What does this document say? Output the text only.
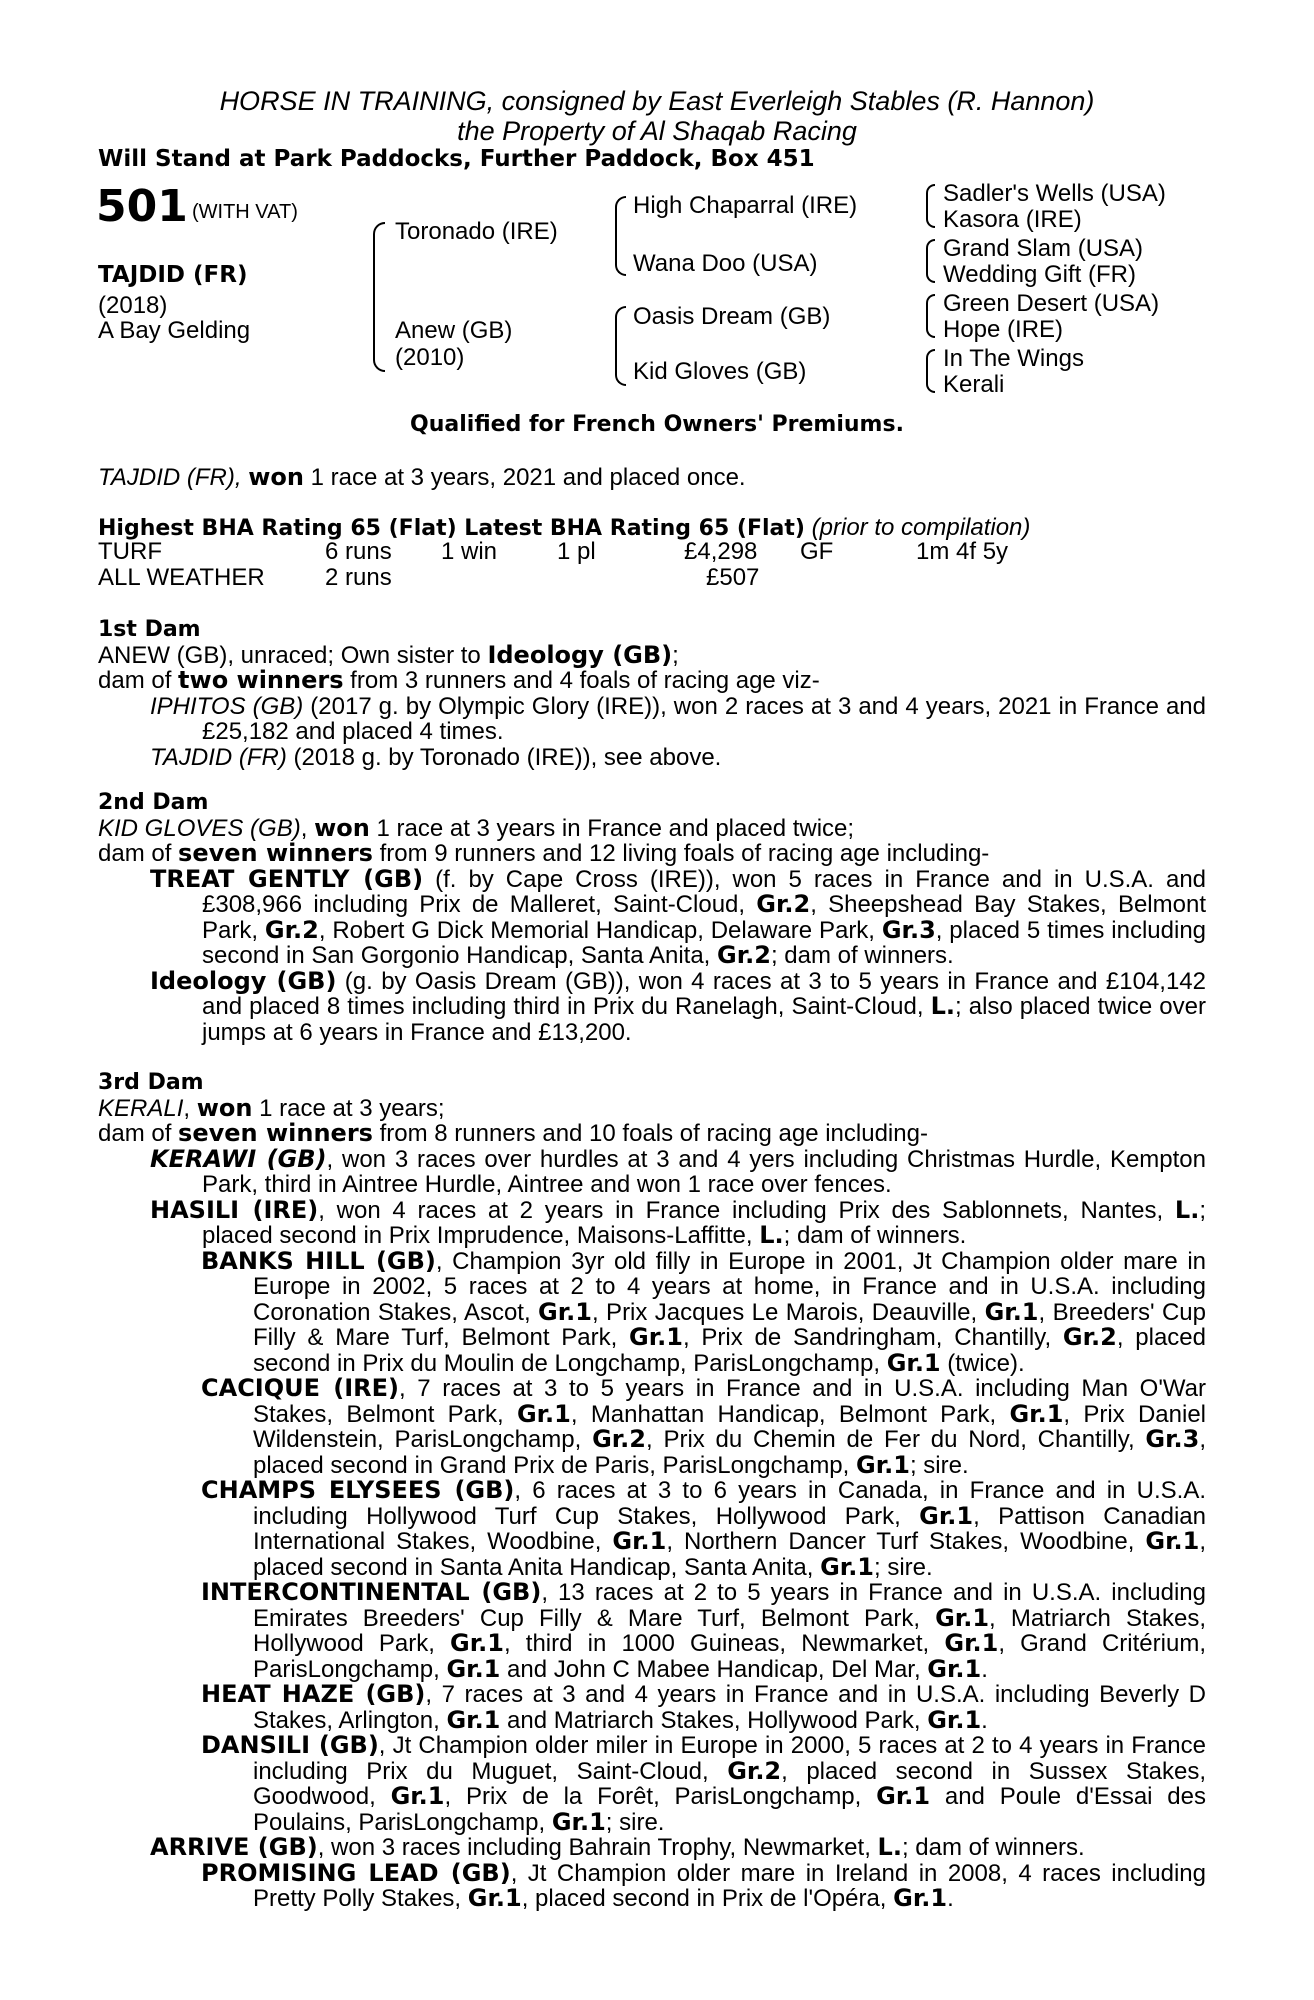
HORSE IN TRAINING, consigned by East Everleigh Stables (R. Hannon)
the Property of Al Shaqab Racing
Will Stand at Park Paddocks, Further Paddock, Box 451
501 (WITH VAT)
TAJDID (FR)
(2018)
A Bay Gelding
Toronado (IRE)
Anew (GB)
(2010)
High Chaparral (IRE)
Wana Doo (USA)
Oasis Dream (GB)
Kid Gloves (GB)
Sadler's Wells (USA)
Kasora (IRE)
Grand Slam (USA)
Wedding Gift (FR)
Green Desert (USA)
Hope (IRE)
In The Wings
Kerali
Qualified for French Owners' Premiums.
TAJDID (FR), won 1 race at 3 years, 2021 and placed once.
Highest BHA Rating 65 (Flat) Latest BHA Rating 65 (Flat) (prior to compilation)
TURF	6 runs 1 win 1 pl	£4,298 GF	1m 4f 5y
ALL WEATHER	2 runs	£507

1st Dam

ANEW (GB), unraced; Own sister to Ideology (GB);

dam of two winners from 3 runners and 4 foals of racing age viz-

IPHITOS (GB) (2017 g. by Olympic Glory (IRE)), won 2 races at 3 and 4 years, 2021 in France and £25,182 and placed 4 times.

TAJDID (FR) (2018 g. by Toronado (IRE)), see above.

2nd Dam

KID GLOVES (GB), won 1 race at 3 years in France and placed twice;

dam of seven winners from 9 runners and 12 living foals of racing age including-

TREAT GENTLY (GB) (f. by Cape Cross (IRE)), won 5 races in France and in U.S.A. and £308,966 including Prix de Malleret, Saint-Cloud, Gr.2, Sheepshead Bay Stakes, Belmont Park, Gr.2, Robert G Dick Memorial Handicap, Delaware Park, Gr.3, placed 5 times including second in San Gorgonio Handicap, Santa Anita, Gr.2; dam of winners.

Ideology (GB) (g. by Oasis Dream (GB)), won 4 races at 3 to 5 years in France and £104,142 and placed 8 times including third in Prix du Ranelagh, Saint-Cloud, L.; also placed twice over jumps at 6 years in France and £13,200.

3rd Dam

KERALI, won 1 race at 3 years;

dam of seven winners from 8 runners and 10 foals of racing age including-

KERAWI (GB), won 3 races over hurdles at 3 and 4 yers including Christmas Hurdle, Kempton Park, third in Aintree Hurdle, Aintree and won 1 race over fences.

HASILI (IRE), won 4 races at 2 years in France including Prix des Sablonnets, Nantes, L.; placed second in Prix Imprudence, Maisons-Laffitte, L.; dam of winners.

BANKS HILL (GB), Champion 3yr old filly in Europe in 2001, Jt Champion older mare in Europe in 2002, 5 races at 2 to 4 years at home, in France and in U.S.A. including Coronation Stakes, Ascot, Gr.1, Prix Jacques Le Marois, Deauville, Gr.1, Breeders' Cup Filly & Mare Turf, Belmont Park, Gr.1, Prix de Sandringham, Chantilly, Gr.2, placed second in Prix du Moulin de Longchamp, ParisLongchamp, Gr.1 (twice).

CACIQUE (IRE), 7 races at 3 to 5 years in France and in U.S.A. including Man O'War Stakes, Belmont Park, Gr.1, Manhattan Handicap, Belmont Park, Gr.1, Prix Daniel Wildenstein, ParisLongchamp, Gr.2, Prix du Chemin de Fer du Nord, Chantilly, Gr.3, placed second in Grand Prix de Paris, ParisLongchamp, Gr.1; sire.

CHAMPS ELYSEES (GB), 6 races at 3 to 6 years in Canada, in France and in U.S.A. including Hollywood Turf Cup Stakes, Hollywood Park, Gr.1, Pattison Canadian International Stakes, Woodbine, Gr.1, Northern Dancer Turf Stakes, Woodbine, Gr.1, placed second in Santa Anita Handicap, Santa Anita, Gr.1; sire.

INTERCONTINENTAL (GB), 13 races at 2 to 5 years in France and in U.S.A. including Emirates Breeders' Cup Filly & Mare Turf, Belmont Park, Gr.1, Matriarch Stakes, Hollywood Park, Gr.1, third in 1000 Guineas, Newmarket, Gr.1, Grand Critérium, ParisLongchamp, Gr.1 and John C Mabee Handicap, Del Mar, Gr.1.

HEAT HAZE (GB), 7 races at 3 and 4 years in France and in U.S.A. including Beverly D Stakes, Arlington, Gr.1 and Matriarch Stakes, Hollywood Park, Gr.1.

DANSILI (GB), Jt Champion older miler in Europe in 2000, 5 races at 2 to 4 years in France including Prix du Muguet, Saint-Cloud, Gr.2, placed second in Sussex Stakes, Goodwood, Gr.1, Prix de la Forêt, ParisLongchamp, Gr.1 and Poule d'Essai des Poulains, ParisLongchamp, Gr.1; sire.

ARRIVE (GB), won 3 races including Bahrain Trophy, Newmarket, L.; dam of winners.

PROMISING LEAD (GB), Jt Champion older mare in Ireland in 2008, 4 races including Pretty Polly Stakes, Gr.1, placed second in Prix de l'Opéra, Gr.1.
